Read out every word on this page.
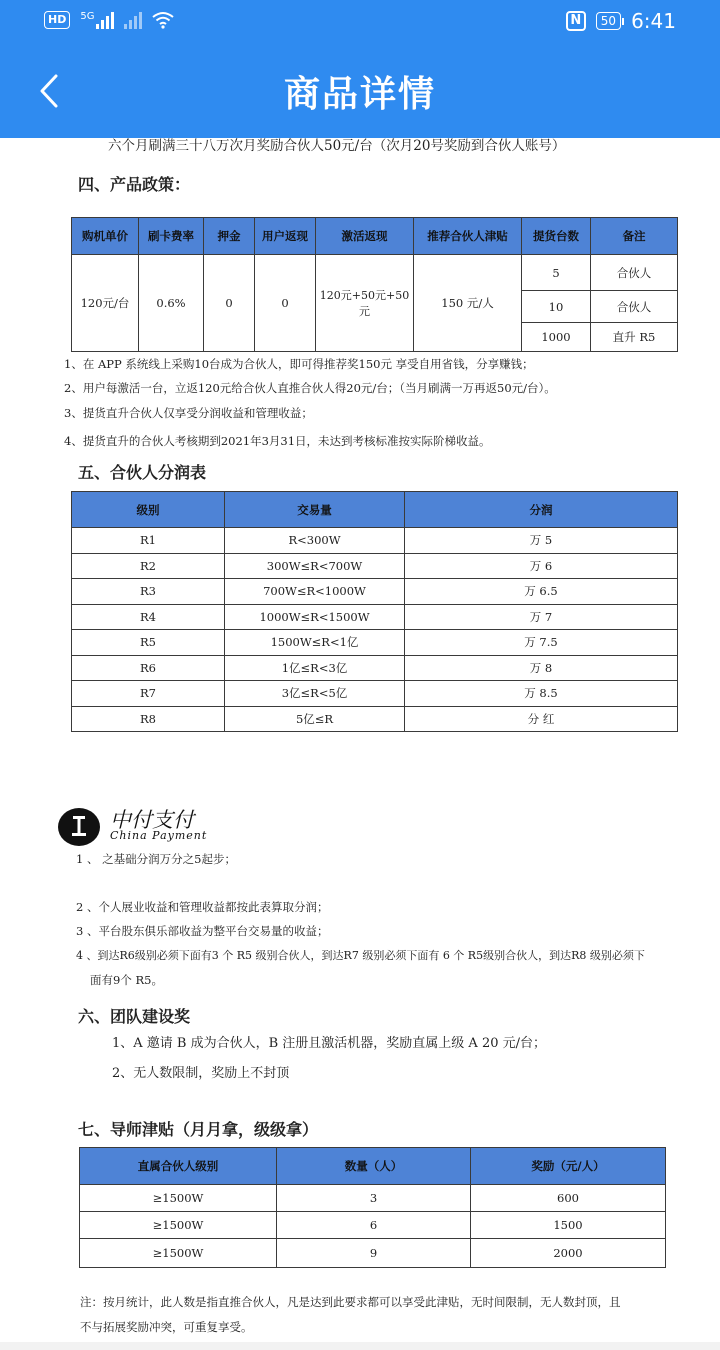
HD	5G	N	50 6:41
商品详情
六个月刷满三十八万次月奖励合伙人50元/台（次月20号奖励到合伙人账号）
四、产品政策：
购机单价	刷卡费率	押金	用户返现	激活返现	推荐合伙人津贴	提货台数	备注
120元/台	0.6%	0	0	120元+50元+50元	150 元/人	5	合伙人
						10	合伙人
						1000	直升 R5
1、在 APP 系统线上采购10台成为合伙人，即可得推荐奖150元 享受自用省钱，分享赚钱；
2、用户每激活一台，立返120元给合伙人直推合伙人得20元/台；（当月刷满一万再返50元/台）。
3、提货直升合伙人仅享受分润收益和管理收益；
4、提货直升的合伙人考核期到2021年3月31日，未达到考核标准按实际阶梯收益。
五、合伙人分润表
级别	交易量	分润
R1	R<300W	万 5
R2	300W≤R<700W	万 6
R3	700W≤R<1000W	万 6.5
R4	1000W≤R<1500W	万 7
R5	1500W≤R<1亿	万 7.5
R6	1亿≤R<3亿	万 8
R7	3亿≤R<5亿	万 8.5
R8	5亿≤R	分 红
中付支付
China Payment
1 、 之基础分润万分之5起步；
2 、个人展业收益和管理收益都按此表算取分润；
3 、平台股东俱乐部收益为整平台交易量的收益；
4 、到达R6级别必须下面有3 个 R5 级别合伙人，到达R7 级别必须下面有 6 个 R5级别合伙人，到达R8 级别必须下
面有9个 R5。
六、团队建设奖
1、A 邀请 B 成为合伙人，B 注册且激活机器，奖励直属上级 A 20 元/台；
2、无人数限制，奖励上不封顶
七、导师津贴（月月拿，级级拿）
直属合伙人级别	数量（人）	奖励（元/人）
≥1500W	3	600
≥1500W	6	1500
≥1500W	9	2000
注：按月统计，此人数是指直推合伙人，凡是达到此要求都可以享受此津贴，无时间限制，无人数封顶，且
不与拓展奖励冲突，可重复享受。
